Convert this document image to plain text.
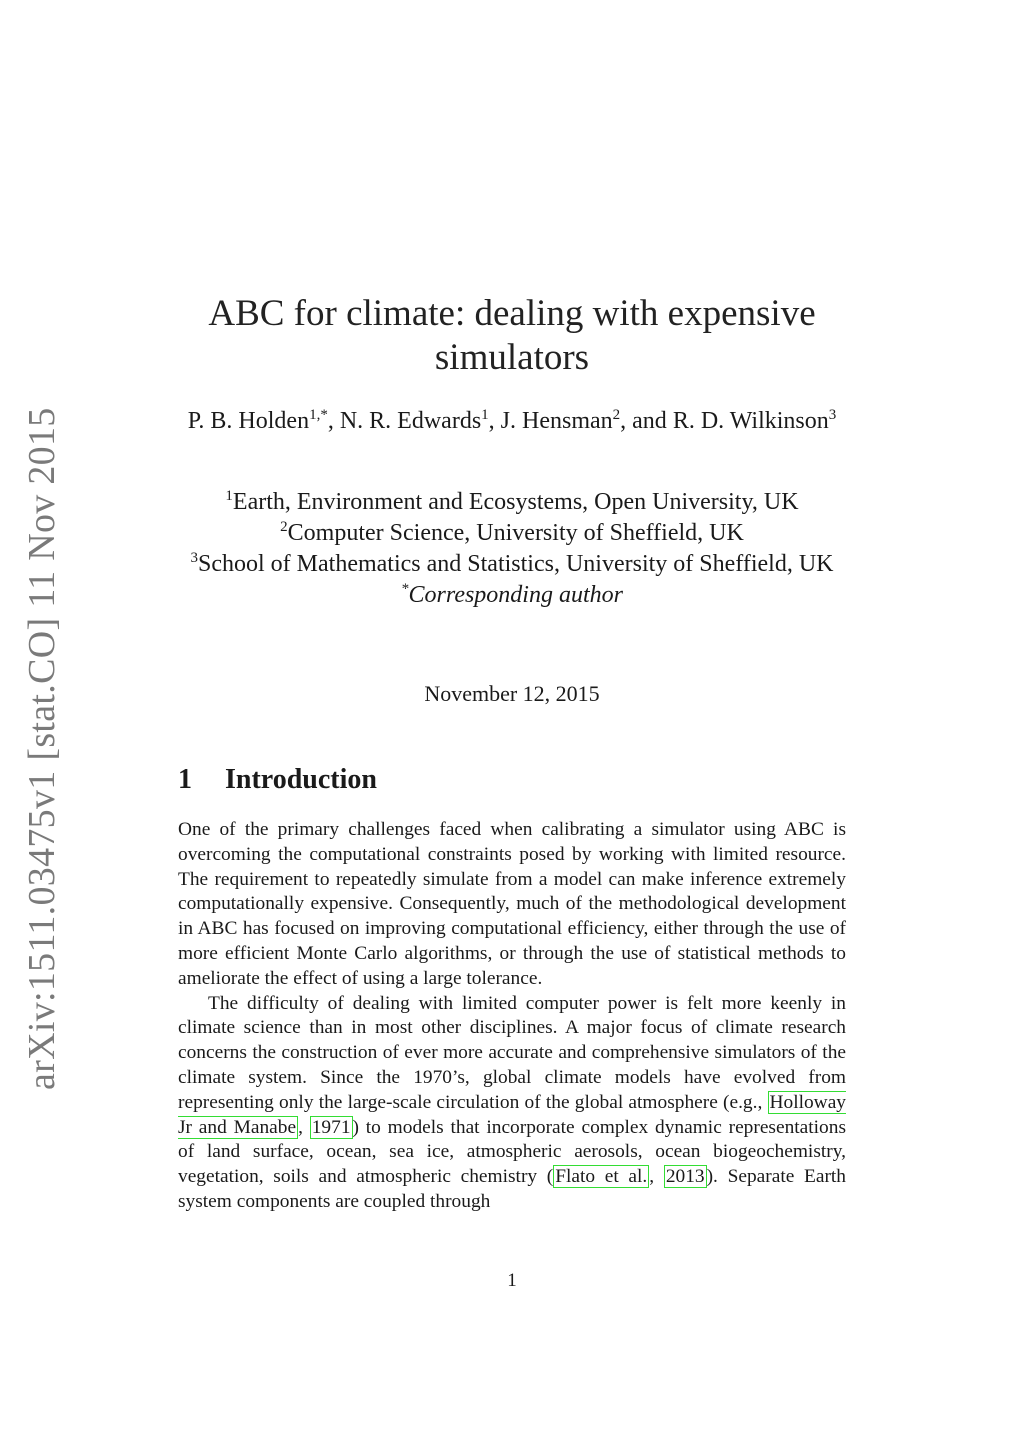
arXiv:1511.03475v1 [stat.CO] 11 Nov 2015
ABC for climate: dealing with expensive simulators
P. B. Holden$^{1,*}$, N. R. Edwards$^1$, J. Hensman$^2$, and R. D. Wilkinson$^3$
$^1$Earth, Environment and Ecosystems, Open University, UK
$^2$Computer Science, University of Sheffield, UK
$^3$School of Mathematics and Statistics, University of Sheffield, UK
*Corresponding author
November 12, 2015
1 Introduction

One of the primary challenges faced when calibrating a simulator using ABC is overcoming the computational constraints posed by working with limited resource. The requirement to repeatedly simulate from a model can make inference extremely computationally expensive. Consequently, much of the methodological development in ABC has focused on improving computational efficiency, either through the use of more efficient Monte Carlo algorithms, or through the use of statistical methods to ameliorate the effect of using a large tolerance.

The difficulty of dealing with limited computer power is felt more keenly in climate science than in most other disciplines. A major focus of climate research concerns the construction of ever more accurate and comprehensive simulators of the climate system. Since the 1970’s, global climate models have evolved from representing only the large-scale circulation of the global atmosphere (e.g., Holloway Jr and Manabe , 1971 ) to models that incorporate complex dynamic representations of land surface, ocean, sea ice, atmospheric aerosols, ocean biogeochemistry, vegetation, soils and atmospheric chemistry ( Flato et al. , 2013 ). Separate Earth system components are coupled through

1
